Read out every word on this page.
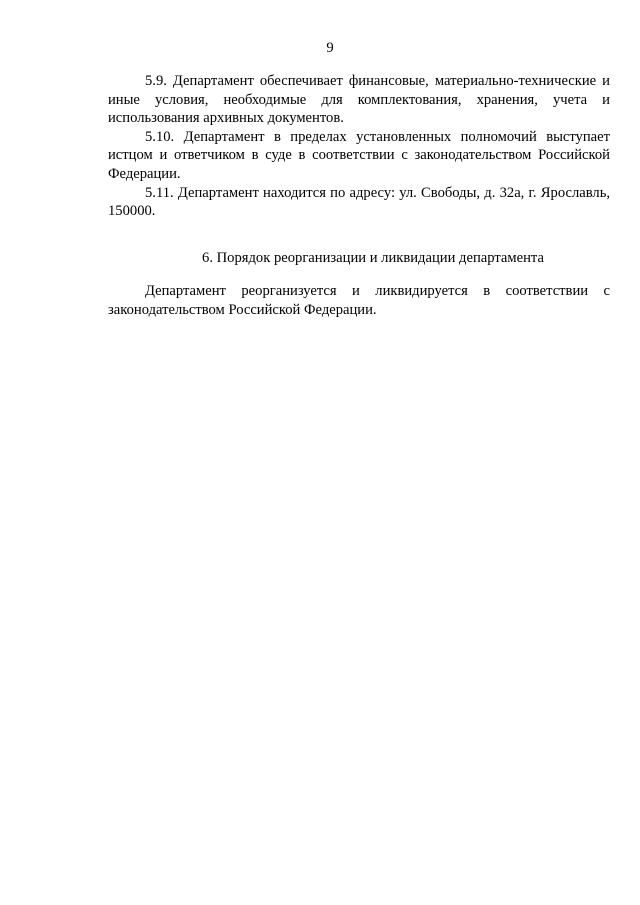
9

5.9. Департамент обеспечивает финансовые, материально-технические и иные условия, необходимые для комплектования, хранения, учета и использования архивных документов.

5.10. Департамент в пределах установленных полномочий выступает истцом и ответчиком в суде в соответствии с законодательством Российской Федерации.

5.11. Департамент находится по адресу: ул. Свободы, д. 32а, г. Ярославль, 150000.

6. Порядок реорганизации и ликвидации департамента

Департамент реорганизуется и ликвидируется в соответствии с законодательством Российской Федерации.
